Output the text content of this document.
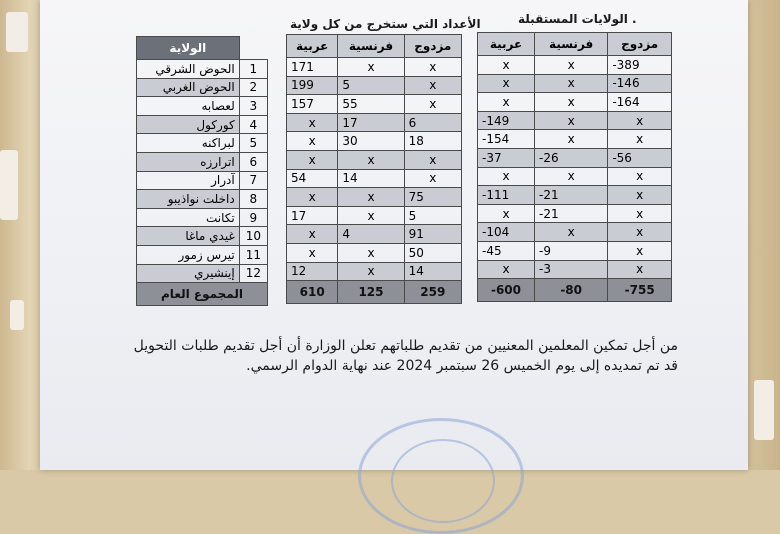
. الولايات المستقبلة
الأعداد التي ستخرج من كل ولاية
عربية	فرنسية	مزدوج
x	x	-389
x	x	-146
x	x	-164
-149	x	x
-154	x	x
-37	-26	-56
x	x	x
-111	-21	x
x	-21	x
-104	x	x
-45	-9	x
x	-3	x
-600	-80	-755
عربية	فرنسية	مزدوج
171	x	x
199	5	x
157	55	x
x	17	6
x	30	18
x	x	x
54	14	x
x	x	75
17	x	5
x	4	91
x	x	50
12	x	14
610	125	259
الولاية	
الحوض الشرقي	1
الحوض الغربي	2
لعصابه	3
كوركول	4
لبراكنه	5
اترارزه	6
آدرار	7
داخلت نواذيبو	8
تكانت	9
غيدي ماغا	10
تيرس زمور	11
إينشيري	12
المجموع العام	
من أجل تمكين المعلمين المعنيين من تقديم طلباتهم تعلن الوزارة أن أجل تقديم طلبات التحويل
قد تم تمديده إلى يوم الخميس 26 سبتمبر 2024 عند نهاية الدوام الرسمي.
